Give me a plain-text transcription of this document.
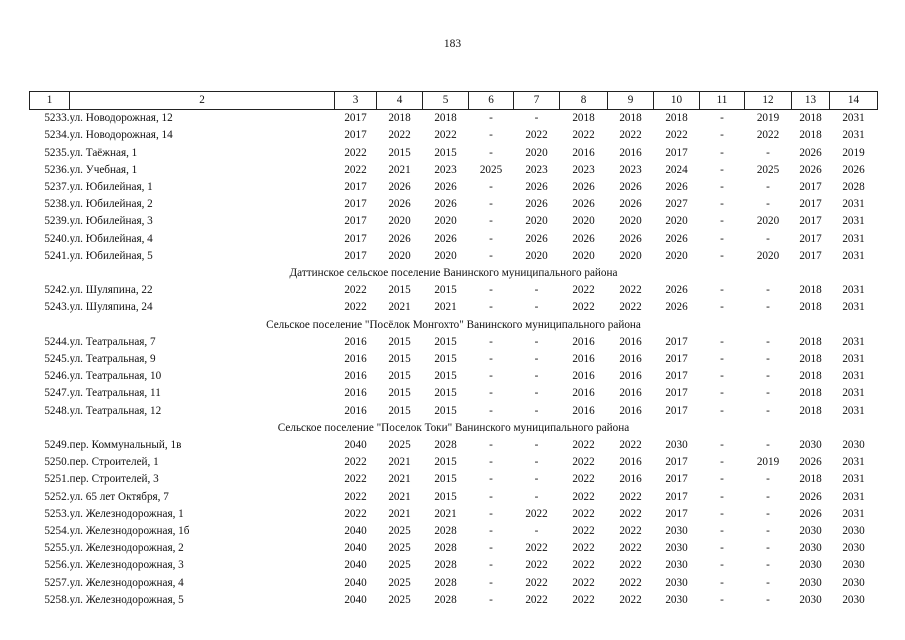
183
1	2	3	4	5	6	7	8	9	10	11	12	13	14
5233.	ул. Новодорожная, 12	2017	2018	2018	-	-	2018	2018	2018	-	2019	2018	2031
5234.	ул. Новодорожная, 14	2017	2022	2022	-	2022	2022	2022	2022	-	2022	2018	2031
5235.	ул. Таёжная, 1	2022	2015	2015	-	2020	2016	2016	2017	-	-	2026	2019
5236.	ул. Учебная, 1	2022	2021	2023	2025	2023	2023	2023	2024	-	2025	2026	2026
5237.	ул. Юбилейная, 1	2017	2026	2026	-	2026	2026	2026	2026	-	-	2017	2028
5238.	ул. Юбилейная, 2	2017	2026	2026	-	2026	2026	2026	2027	-	-	2017	2031
5239.	ул. Юбилейная, 3	2017	2020	2020	-	2020	2020	2020	2020	-	2020	2017	2031
5240.	ул. Юбилейная, 4	2017	2026	2026	-	2026	2026	2026	2026	-	-	2017	2031
5241.	ул. Юбилейная, 5	2017	2020	2020	-	2020	2020	2020	2020	-	2020	2017	2031
Даттинское сельское поселение Ванинского муниципального района													
5242.	ул. Шуляпина, 22	2022	2015	2015	-	-	2022	2022	2026	-	-	2018	2031
5243.	ул. Шуляпина, 24	2022	2021	2021	-	-	2022	2022	2026	-	-	2018	2031
Сельское поселение "Посёлок Монгохто" Ванинского муниципального района													
5244.	ул. Театральная, 7	2016	2015	2015	-	-	2016	2016	2017	-	-	2018	2031
5245.	ул. Театральная, 9	2016	2015	2015	-	-	2016	2016	2017	-	-	2018	2031
5246.	ул. Театральная, 10	2016	2015	2015	-	-	2016	2016	2017	-	-	2018	2031
5247.	ул. Театральная, 11	2016	2015	2015	-	-	2016	2016	2017	-	-	2018	2031
5248.	ул. Театральная, 12	2016	2015	2015	-	-	2016	2016	2017	-	-	2018	2031
Сельское поселение "Поселок Токи" Ванинского муниципального района													
5249.	пер. Коммунальный, 1в	2040	2025	2028	-	-	2022	2022	2030	-	-	2030	2030
5250.	пер. Строителей, 1	2022	2021	2015	-	-	2022	2016	2017	-	2019	2026	2031
5251.	пер. Строителей, 3	2022	2021	2015	-	-	2022	2016	2017	-	-	2018	2031
5252.	ул. 65 лет Октября, 7	2022	2021	2015	-	-	2022	2022	2017	-	-	2026	2031
5253.	ул. Железнодорожная, 1	2022	2021	2021	-	2022	2022	2022	2017	-	-	2026	2031
5254.	ул. Железнодорожная, 1б	2040	2025	2028	-	-	2022	2022	2030	-	-	2030	2030
5255.	ул. Железнодорожная, 2	2040	2025	2028	-	2022	2022	2022	2030	-	-	2030	2030
5256.	ул. Железнодорожная, 3	2040	2025	2028	-	2022	2022	2022	2030	-	-	2030	2030
5257.	ул. Железнодорожная, 4	2040	2025	2028	-	2022	2022	2022	2030	-	-	2030	2030
5258.	ул. Железнодорожная, 5	2040	2025	2028	-	2022	2022	2022	2030	-	-	2030	2030
